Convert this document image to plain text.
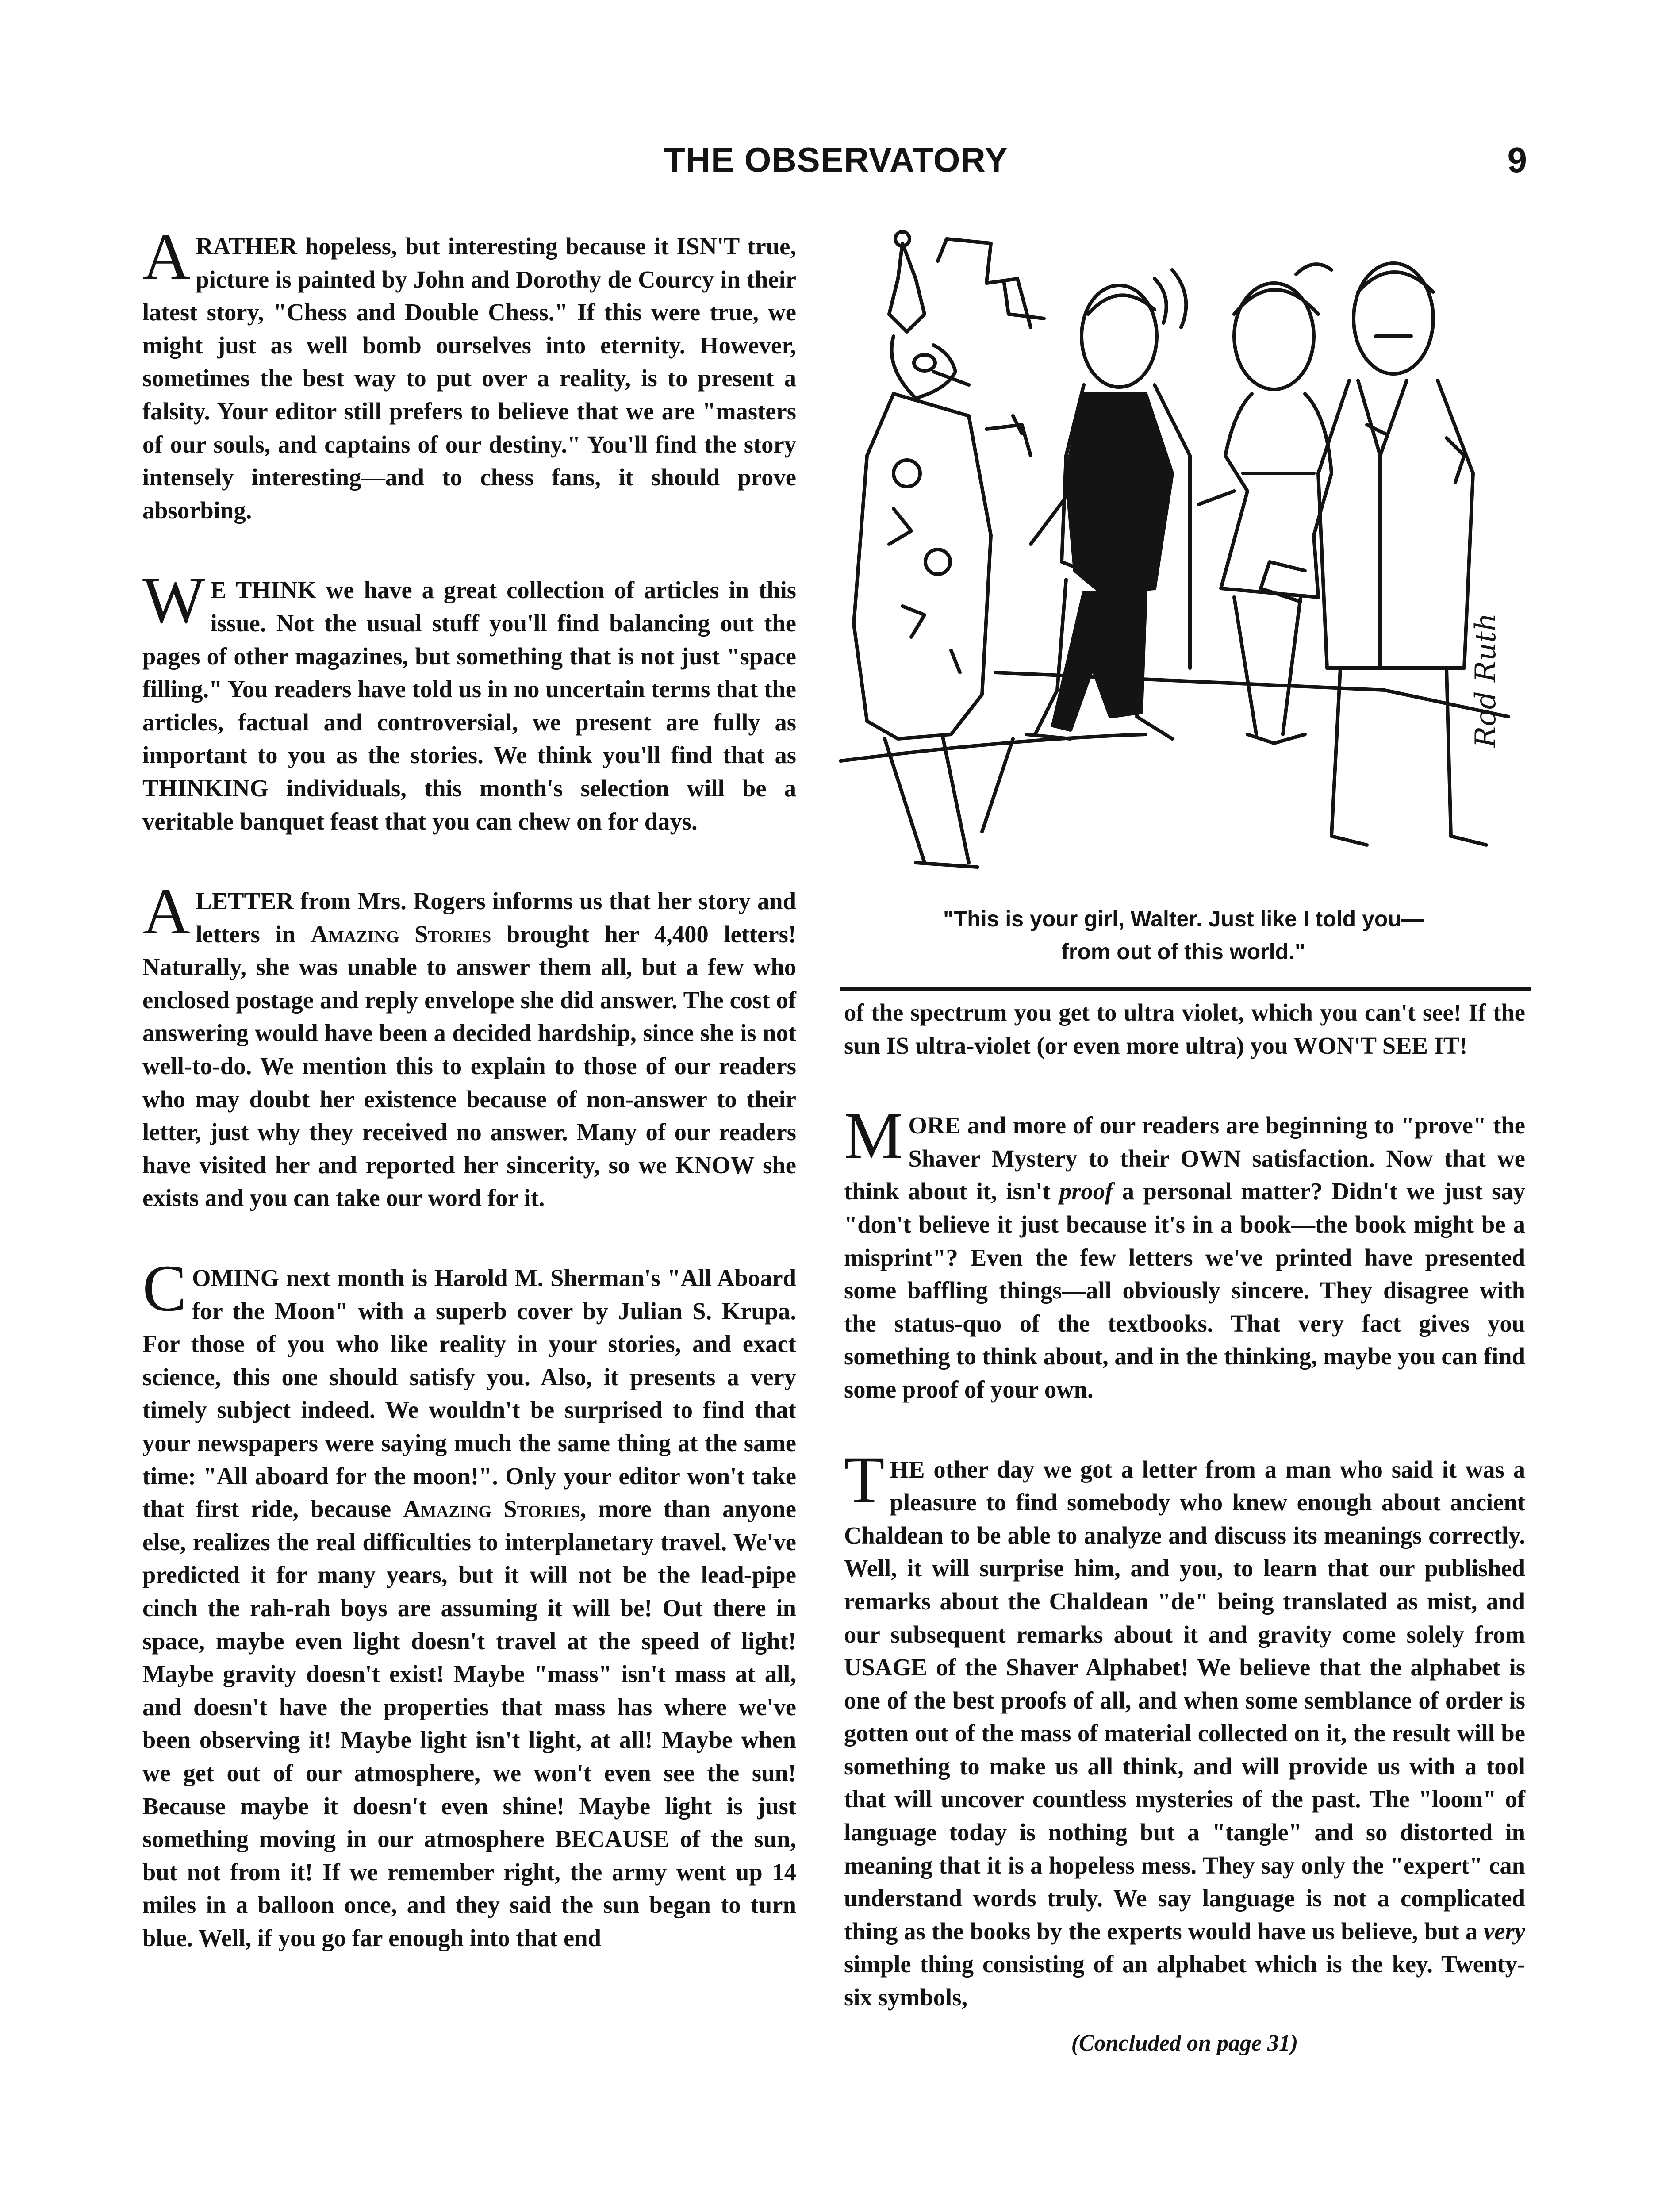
THE OBSERVATORY	9

ARATHER hopeless, but interesting because it ISN'T true, picture is painted by John and Dorothy de Courcy in their latest story, "Chess and Double Chess." If this were true, we might just as well bomb ourselves into eternity. However, sometimes the best way to put over a reality, is to present a falsity. Your editor still prefers to believe that we are "masters of our souls, and captains of our destiny." You'll find the story intensely interesting—and to chess fans, it should prove absorbing.

W E THINK we have a great collection of articles in this issue. Not the usual stuff you'll find balancing out the pages of other magazines, but something that is not just "space filling." You readers have told us in no uncertain terms that the articles, factual and controversial, we present are fully as important to you as the stories. We think you'll find that as THINKING individuals, this month's selection will be a veritable banquet feast that you can chew on for days.

ALETTER from Mrs. Rogers informs us that her story and letters in Amazing Stories brought her 4,400 letters! Naturally, she was unable to answer them all, but a few who enclosed postage and reply envelope she did answer. The cost of answering would have been a decided hardship, since she is not well-to-do. We mention this to explain to those of our readers who may doubt her existence because of non-answer to their letter, just why they received no answer. Many of our readers have visited her and reported her sincerity, so we KNOW she exists and you can take our word for it.

COMING next month is Harold M. Sherman's "All Aboard for the Moon" with a superb cover by Julian S. Krupa. For those of you who like reality in your stories, and exact science, this one should satisfy you. Also, it presents a very timely subject indeed. We wouldn't be surprised to find that your newspapers were saying much the same thing at the same time: "All aboard for the moon!". Only your editor won't take that first ride, because Amazing Stories, more than anyone else, realizes the real difficulties to interplanetary travel. We've predicted it for many years, but it will not be the lead-pipe cinch the rah-rah boys are assuming it will be! Out there in space, maybe even light doesn't travel at the speed of light! Maybe gravity doesn't exist! Maybe "mass" isn't mass at all, and doesn't have the properties that mass has where we've been observing it! Maybe light isn't light, at all! Maybe when we get out of our atmosphere, we won't even see the sun! Because maybe it doesn't even shine! Maybe light is just something moving in our atmosphere BECAUSE of the sun, but not from it! If we remember right, the army went up 14 miles in a balloon once, and they said the sun began to turn blue. Well, if you go far enough into that end

Rod Ruth
"This is your girl, Walter. Just like I told you—
from out of this world."

of the spectrum you get to ultra violet, which you can't see! If the sun IS ultra-violet (or even more ultra) you WON'T SEE IT!

MORE and more of our readers are beginning to "prove" the Shaver Mystery to their OWN satisfaction. Now that we think about it, isn't proof a personal matter? Didn't we just say "don't believe it just because it's in a book—the book might be a misprint"? Even the few letters we've printed have presented some baffling things—all obviously sincere. They disagree with the status-quo of the textbooks. That very fact gives you something to think about, and in the thinking, maybe you can find some proof of your own.

THE other day we got a letter from a man who said it was a pleasure to find somebody who knew enough about ancient Chaldean to be able to analyze and discuss its meanings correctly. Well, it will surprise him, and you, to learn that our published remarks about the Chaldean "de" being translated as mist, and our subsequent remarks about it and gravity come solely from USAGE of the Shaver Alphabet! We believe that the alphabet is one of the best proofs of all, and when some semblance of order is gotten out of the mass of material collected on it, the result will be something to make us all think, and will provide us with a tool that will uncover countless mysteries of the past. The "loom" of language today is nothing but a "tangle" and so distorted in meaning that it is a hopeless mess. They say only the "expert" can understand words truly. We say language is not a complicated thing as the books by the experts would have us believe, but a very simple thing consisting of an alphabet which is the key. Twenty-six symbols,

(Concluded on page 31)
